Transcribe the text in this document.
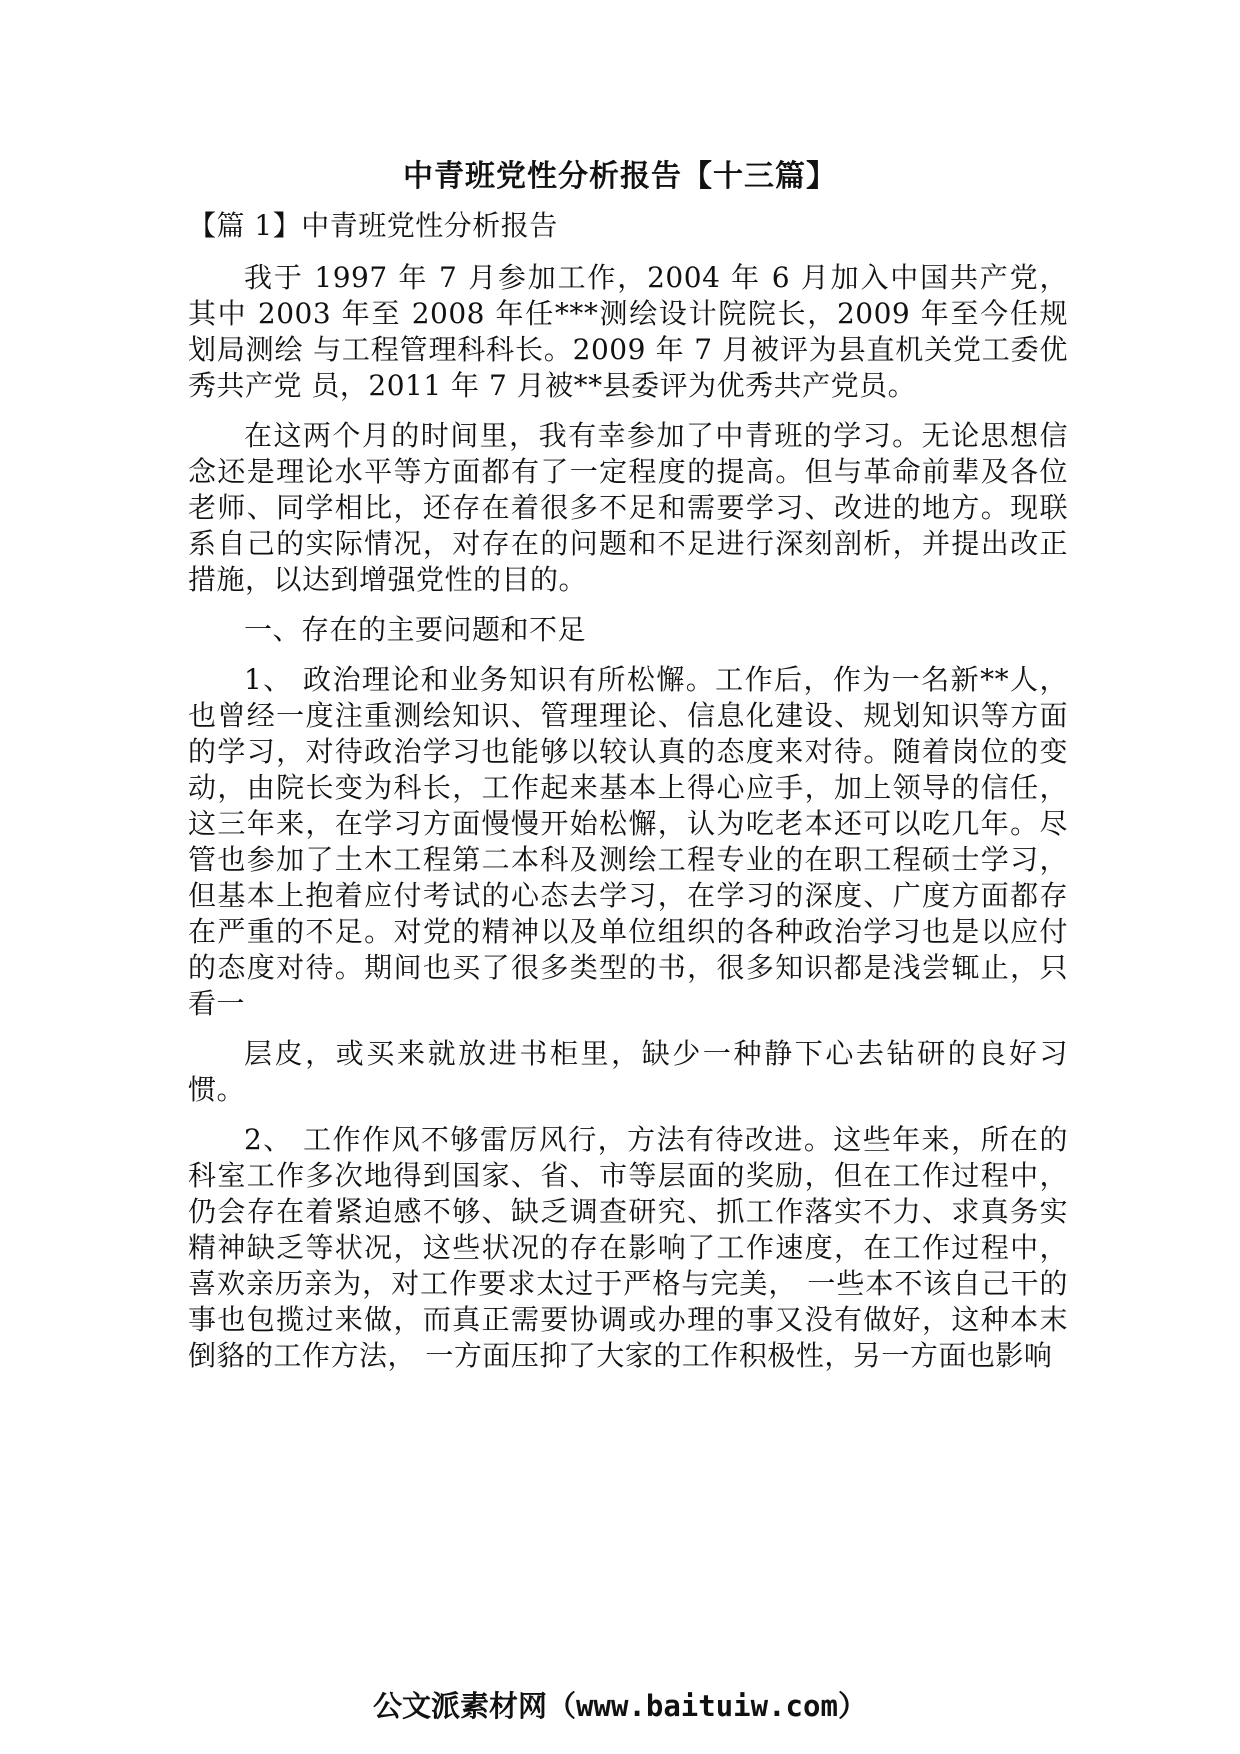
中青班党性分析报告【十三篇】

【篇 1】中青班党性分析报告

我于 1997 年 7 月参加工作，2004 年 6 月加入中国共产党， 其中 2003 年至 2008 年任***测绘设计院院长，2009 年至今任规划局测绘 与工程管理科科长。2009 年 7 月被评为县直机关党工委优秀共产党 员，2011 年 7 月被**县委评为优秀共产党员。

在这两个月的时间里，我有幸参加了中青班的学习。无论思想信念还是理论水平等方面都有了一定程度的提高。但与革命前辈及各位老师、同学相比，还存在着很多不足和需要学习、改进的地方。现联系自己的实际情况，对存在的问题和不足进行深刻剖析，并提出改正措施，以达到增强党性的目的。

一、存在的主要问题和不足

1、 政治理论和业务知识有所松懈。工作后，作为一名新**人，也曾经一度注重测绘知识、管理理论、信息化建设、规划知识等方面的学习，对待政治学习也能够以较认真的态度来对待。随着岗位的变动，由院长变为科长，工作起来基本上得心应手，加上领导的信任，这三年来，在学习方面慢慢开始松懈，认为吃老本还可以吃几年。尽管也参加了土木工程第二本科及测绘工程专业的在职工程硕士学习，但基本上抱着应付考试的心态去学习，在学习的深度、广度方面都存在严重的不足。对党的精神以及单位组织的各种政治学习也是以应付的态度对待。期间也买了很多类型的书，很多知识都是浅尝辄止，只看一

层皮，或买来就放进书柜里，缺少一种静下心去钻研的良好习惯。

2、 工作作风不够雷厉风行，方法有待改进。这些年来，所在的科室工作多次地得到国家、省、市等层面的奖励，但在工作过程中，仍会存在着紧迫感不够、缺乏调查研究、抓工作落实不力、求真务实精神缺乏等状况，这些状况的存在影响了工作速度，在工作过程中，喜欢亲历亲为，对工作要求太过于严格与完美， 一些本不该自己干的事也包揽过来做，而真正需要协调或办理的事又没有做好，这种本末倒貉的工作方法， 一方面压抑了大家的工作积极性，另一方面也影响

公文派素材网（www.baituiw.com）
